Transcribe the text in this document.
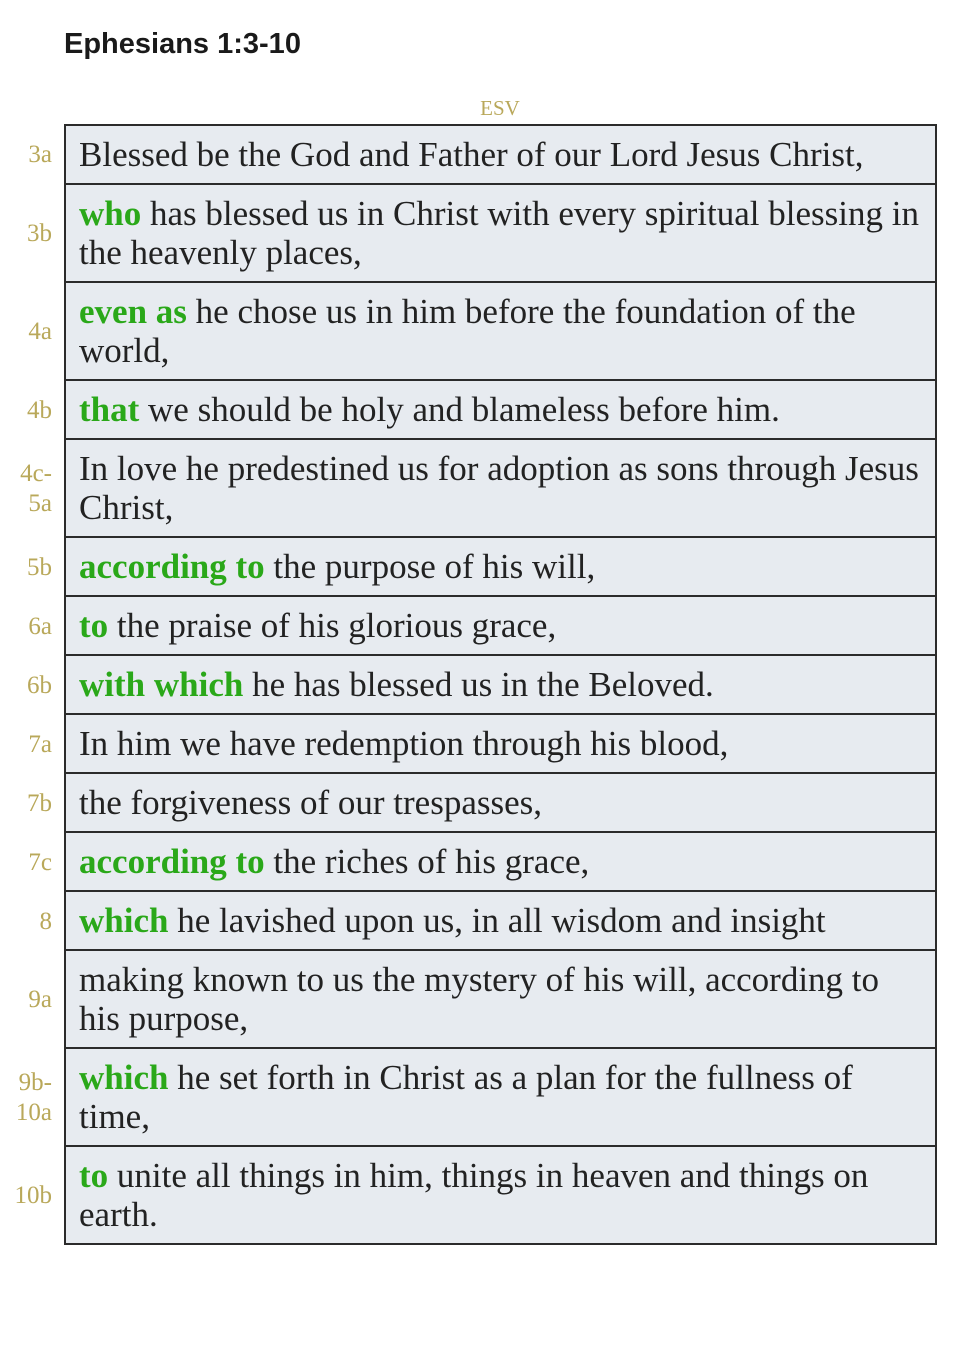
Ephesians 1:3-10
ESV
3a Blessed be the God and Father of our Lord Jesus Christ,
3b
who has blessed us in Christ with every spiritual blessing in the heavenly places,
4a
even as he chose us in him before the foundation of the world,
4b that we should be holy and blameless before him.
4c-​5a
In love he predestined us for adoption as sons through Jesus Christ,
5b according to the purpose of his will,
6a to the praise of his glorious grace,
6b with which he has blessed us in the Beloved.
7a In him we have redemption through his blood,
7b the forgiveness of our trespasses,
7c according to the riches of his grace,
8 which he lavished upon us, in all wisdom and insight
9a
making known to us the mystery of his will, according to his purpose,
9b-​10a
which he set forth in Christ as a plan for the fullness of time,
10b
to unite all things in him, things in heaven and things on earth.
